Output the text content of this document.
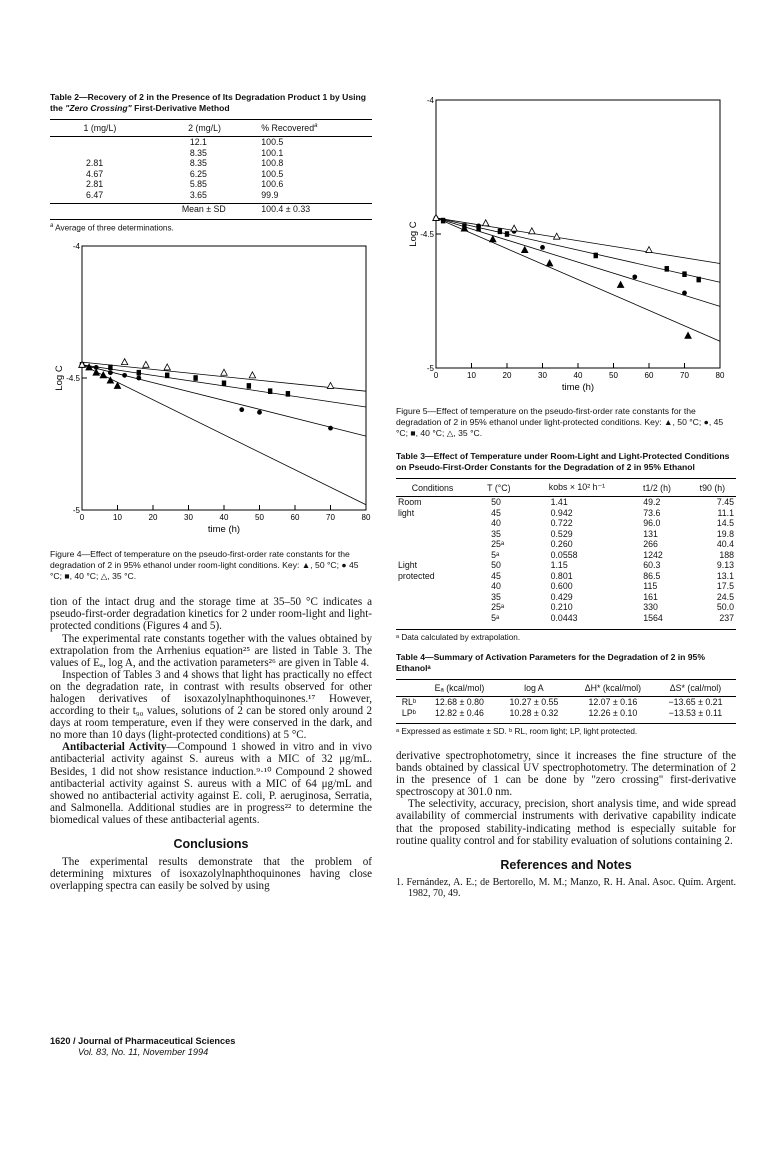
Table 2—Recovery of 2 in the Presence of Its Degradation Product 1 by Using the "Zero Crossing" First-Derivative Method
1 (mg/L)	2 (mg/L)	% Recovered$^a$
	12.1	100.5
	8.35	100.1
2.81	8.35	100.8
4.67	6.25	100.5
2.81	5.85	100.6
6.47	3.65	99.9
	Mean ± SD	100.4 ± 0.33
$^a$ Average of three determinations.
0	10	20	30	40	50	60	70	80
-4
-4.5
-5
time (h)
Log C
Figure 4—Effect of temperature on the pseudo-first-order rate constants for the degradation of 2 in 95% ethanol under room-light conditions. Key: ▲, 50 °C; ● 45 °C; ■, 40 °C; △, 35 °C.

tion of the intact drug and the storage time at 35–50 °C indicates a pseudo-first-order degradation kinetics for 2 under room-light and light-protected conditions (Figures 4 and 5).

The experimental rate constants together with the values obtained by extrapolation from the Arrhenius equation²⁵ are listed in Table 3. The values of Eₐ, log A, and the activation parameters²⁶ are given in Table 4.

Inspection of Tables 3 and 4 shows that light has practically no effect on the degradation rate, in contrast with results observed for other halogen derivatives of isoxazolylnaphthoquinones.¹⁷ However, according to their t₉₀ values, solutions of 2 can be stored only around 2 days at room temperature, even if they were conserved in the dark, and no more than 10 days (light-protected conditions) at 5 °C.

Antibacterial Activity—Compound 1 showed in vitro and in vivo antibacterial activity against S. aureus with a MIC of 32 μg/mL. Besides, 1 did not show resistance induction.⁹·¹⁰ Compound 2 showed antibacterial activity against S. aureus with a MIC of 64 μg/mL and showed no antibacterial activity against E. coli, P. aeruginosa, Serratia, and Salmonella. Additional studies are in progress²² to determine the biomedical values of these antibacterial agents.

Conclusions

The experimental results demonstrate that the problem of determining mixtures of isoxazolylnaphthoquinones having close overlapping spectra can easily be solved by using

0	10	20	30	40	50	60	70	80
-4
-4.5
-5
time (h)
Log C
Figure 5—Effect of temperature on the pseudo-first-order rate constants for the degradation of 2 in 95% ethanol under light-protected conditions. Key: ▲, 50 °C; ●, 45 °C; ■, 40 °C; △, 35 °C.
Table 3—Effect of Temperature under Room-Light and Light-Protected Conditions on Pseudo-First-Order Constants for the Degradation of 2 in 95% Ethanol
Conditions	T (°C)	kobs × 10² h⁻¹	t1/2 (h)	t90 (h)
Room	50	1.41	49.2	7.45
light	45	0.942	73.6	11.1
	40	0.722	96.0	14.5
	35	0.529	131	19.8
	25ᵃ	0.260	266	40.4
	5ᵃ	0.0558	1242	188
Light	50	1.15	60.3	9.13
protected	45	0.801	86.5	13.1
	40	0.600	115	17.5
	35	0.429	161	24.5
	25ᵃ	0.210	330	50.0
	5ᵃ	0.0443	1564	237
ᵃ Data calculated by extrapolation.
Table 4—Summary of Activation Parameters for the Degradation of 2 in 95% Ethanolᵃ
	Eₐ (kcal/mol)	log A	ΔH* (kcal/mol)	ΔS* (cal/mol)
RLᵇ	12.68 ± 0.80	10.27 ± 0.55	12.07 ± 0.16	−13.65 ± 0.21
LPᵇ	12.82 ± 0.46	10.28 ± 0.32	12.26 ± 0.10	−13.53 ± 0.11
ᵃ Expressed as estimate ± SD. ᵇ RL, room light; LP, light protected.

derivative spectrophotometry, since it increases the fine structure of the bands obtained by classical UV spectrophotometry. The determination of 2 in the presence of 1 can be done by "zero crossing" first-derivative spectroscopy at 301.0 nm.

The selectivity, accuracy, precision, short analysis time, and wide spread availability of commercial instruments with derivative capability indicate that the proposed stability-indicating method is especially suitable for routine quality control and for stability evaluation of solutions containing 2.

References and Notes
1. Fernández, A. E.; de Bertorello, M. M.; Manzo, R. H. Anal. Asoc. Quím. Argent. 1982, 70, 49.
1620 / Journal of Pharmaceutical Sciences
Vol. 83, No. 11, November 1994
